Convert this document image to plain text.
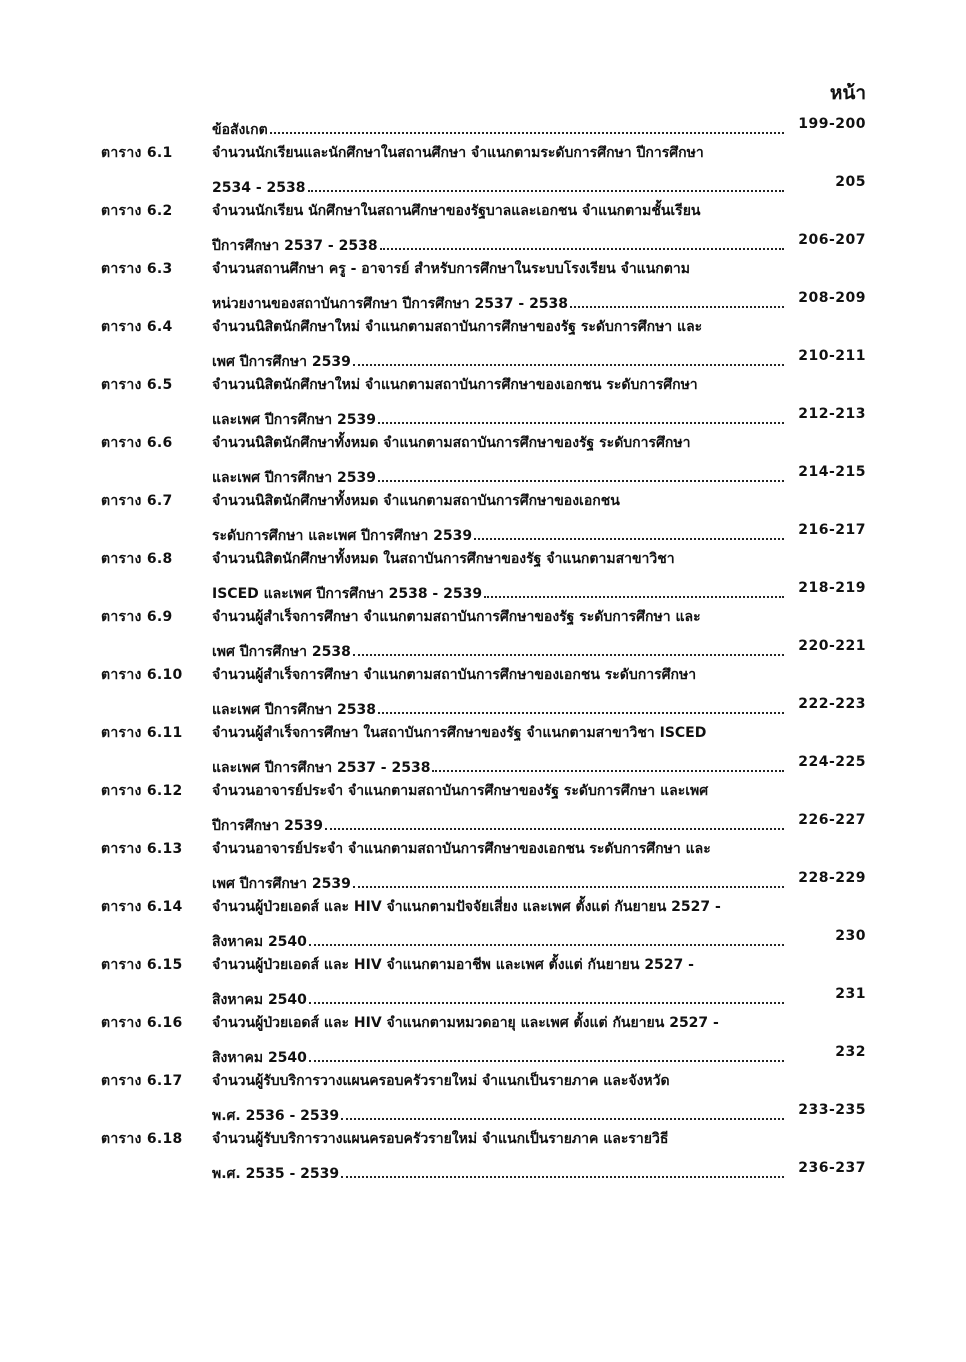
หน้า
ข้อสังเกต	199-200
ตาราง 6.1	จำนวนนักเรียนและนักศึกษาในสถานศึกษา จำแนกตามระดับการศึกษา ปีการศึกษา
2534 - 2538	205
ตาราง 6.2	จำนวนนักเรียน นักศึกษาในสถานศึกษาของรัฐบาลและเอกชน จำแนกตามชั้นเรียน
ปีการศึกษา 2537 - 2538	206-207
ตาราง 6.3	จำนวนสถานศึกษา ครู - อาจารย์ สำหรับการศึกษาในระบบโรงเรียน จำแนกตาม
หน่วยงานของสถาบันการศึกษา ปีการศึกษา 2537 - 2538	208-209
ตาราง 6.4	จำนวนนิสิตนักศึกษาใหม่ จำแนกตามสถาบันการศึกษาของรัฐ ระดับการศึกษา และ
เพศ ปีการศึกษา 2539	210-211
ตาราง 6.5	จำนวนนิสิตนักศึกษาใหม่ จำแนกตามสถาบันการศึกษาของเอกชน ระดับการศึกษา
และเพศ ปีการศึกษา 2539	212-213
ตาราง 6.6	จำนวนนิสิตนักศึกษาทั้งหมด จำแนกตามสถาบันการศึกษาของรัฐ ระดับการศึกษา
และเพศ ปีการศึกษา 2539	214-215
ตาราง 6.7	จำนวนนิสิตนักศึกษาทั้งหมด จำแนกตามสถาบันการศึกษาของเอกชน
ระดับการศึกษา และเพศ ปีการศึกษา 2539	216-217
ตาราง 6.8	จำนวนนิสิตนักศึกษาทั้งหมด ในสถาบันการศึกษาของรัฐ จำแนกตามสาขาวิชา
ISCED และเพศ ปีการศึกษา 2538 - 2539	218-219
ตาราง 6.9	จำนวนผู้สำเร็จการศึกษา จำแนกตามสถาบันการศึกษาของรัฐ ระดับการศึกษา และ
เพศ ปีการศึกษา 2538	220-221
ตาราง 6.10 จำนวนผู้สำเร็จการศึกษา จำแนกตามสถาบันการศึกษาของเอกชน ระดับการศึกษา
และเพศ ปีการศึกษา 2538	222-223
ตาราง 6.11 จำนวนผู้สำเร็จการศึกษา ในสถาบันการศึกษาของรัฐ จำแนกตามสาขาวิชา ISCED
และเพศ ปีการศึกษา 2537 - 2538	224-225
ตาราง 6.12 จำนวนอาจารย์ประจำ จำแนกตามสถาบันการศึกษาของรัฐ ระดับการศึกษา และเพศ
ปีการศึกษา 2539	226-227
ตาราง 6.13 จำนวนอาจารย์ประจำ จำแนกตามสถาบันการศึกษาของเอกชน ระดับการศึกษา และ
เพศ ปีการศึกษา 2539	228-229
ตาราง 6.14 จำนวนผู้ป่วยเอดส์ และ HIV จำแนกตามปัจจัยเสี่ยง และเพศ ตั้งแต่ กันยายน 2527 -
สิงหาคม 2540	230
ตาราง 6.15 จำนวนผู้ป่วยเอดส์ และ HIV จำแนกตามอาชีพ และเพศ ตั้งแต่ กันยายน 2527 -
สิงหาคม 2540	231
ตาราง 6.16 จำนวนผู้ป่วยเอดส์ และ HIV จำแนกตามหมวดอายุ และเพศ ตั้งแต่ กันยายน 2527 -
สิงหาคม 2540	232
ตาราง 6.17 จำนวนผู้รับบริการวางแผนครอบครัวรายใหม่ จำแนกเป็นรายภาค และจังหวัด
พ.ศ. 2536 - 2539	233-235
ตาราง 6.18 จำนวนผู้รับบริการวางแผนครอบครัวรายใหม่ จำแนกเป็นรายภาค และรายวิธี
พ.ศ. 2535 - 2539	236-237
